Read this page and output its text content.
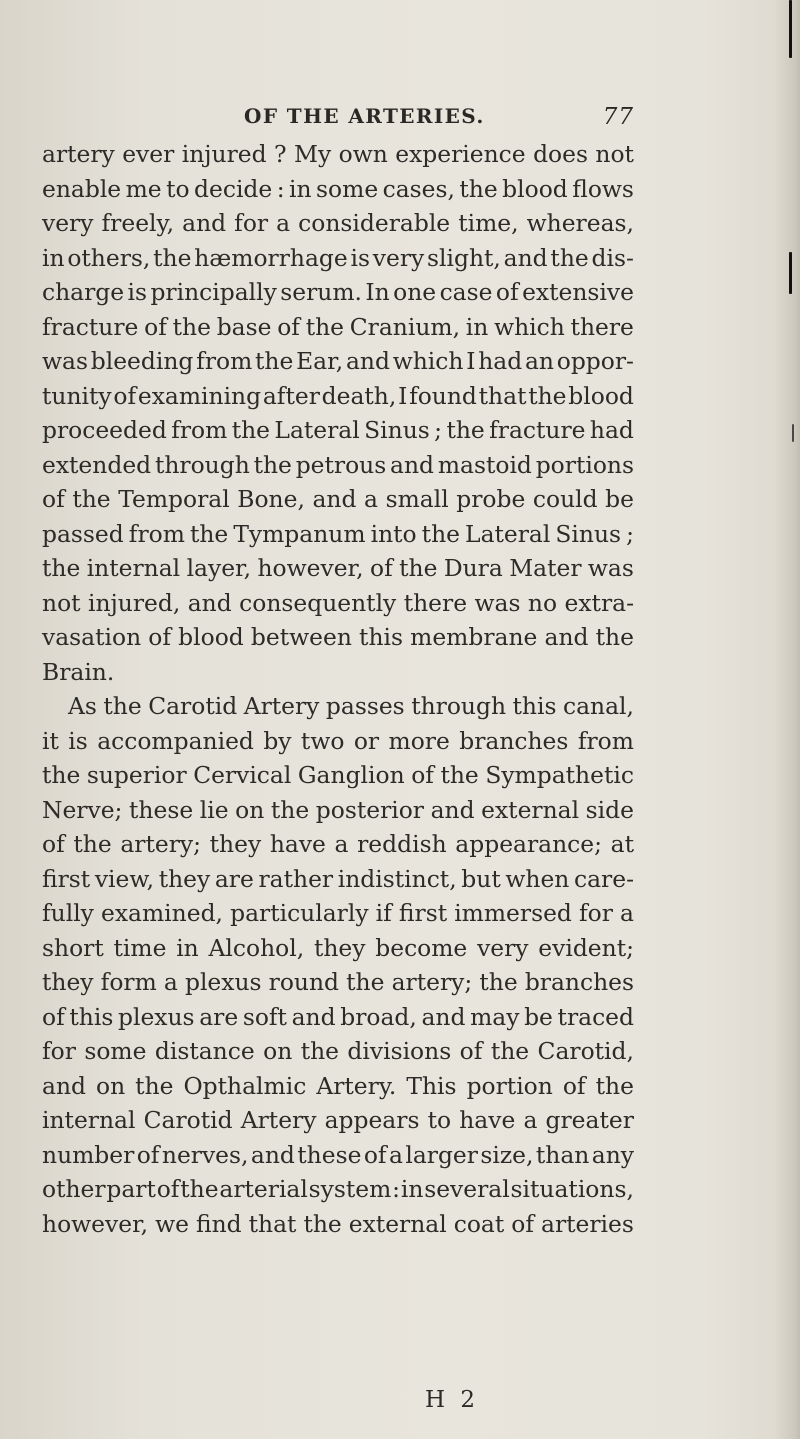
OF THE ARTERIES.	77
artery ever injured ? My own experience does not
enable me to decide : in some cases, the blood flows
very freely, and for a considerable time, whereas,
in others, the hæmorrhage is very slight, and the dis-
charge is principally serum. In one case of extensive
fracture of the base of the Cranium, in which there
was bleeding from the Ear, and which I had an oppor-
tunity of examining after death, I found that the blood
proceeded from the Lateral Sinus ; the fracture had
extended through the petrous and mastoid portions
of the Temporal Bone, and a small probe could be
passed from the Tympanum into the Lateral Sinus ;
the internal layer, however, of the Dura Mater was
not injured, and consequently there was no extra-
vasation of blood between this membrane and the
Brain.
As the Carotid Artery passes through this canal,
it is accompanied by two or more branches from
the superior Cervical Ganglion of the Sympathetic
Nerve; these lie on the posterior and external side
of the artery; they have a reddish appearance; at
first view, they are rather indistinct, but when care-
fully examined, particularly if first immersed for a
short time in Alcohol, they become very evident;
they form a plexus round the artery; the branches
of this plexus are soft and broad, and may be traced
for some distance on the divisions of the Carotid,
and on the Opthalmic Artery. This portion of the
internal Carotid Artery appears to have a greater
number of nerves, and these of a larger size, than any
other part of the arterial system : in several situations,
however, we find that the external coat of arteries
H 2
